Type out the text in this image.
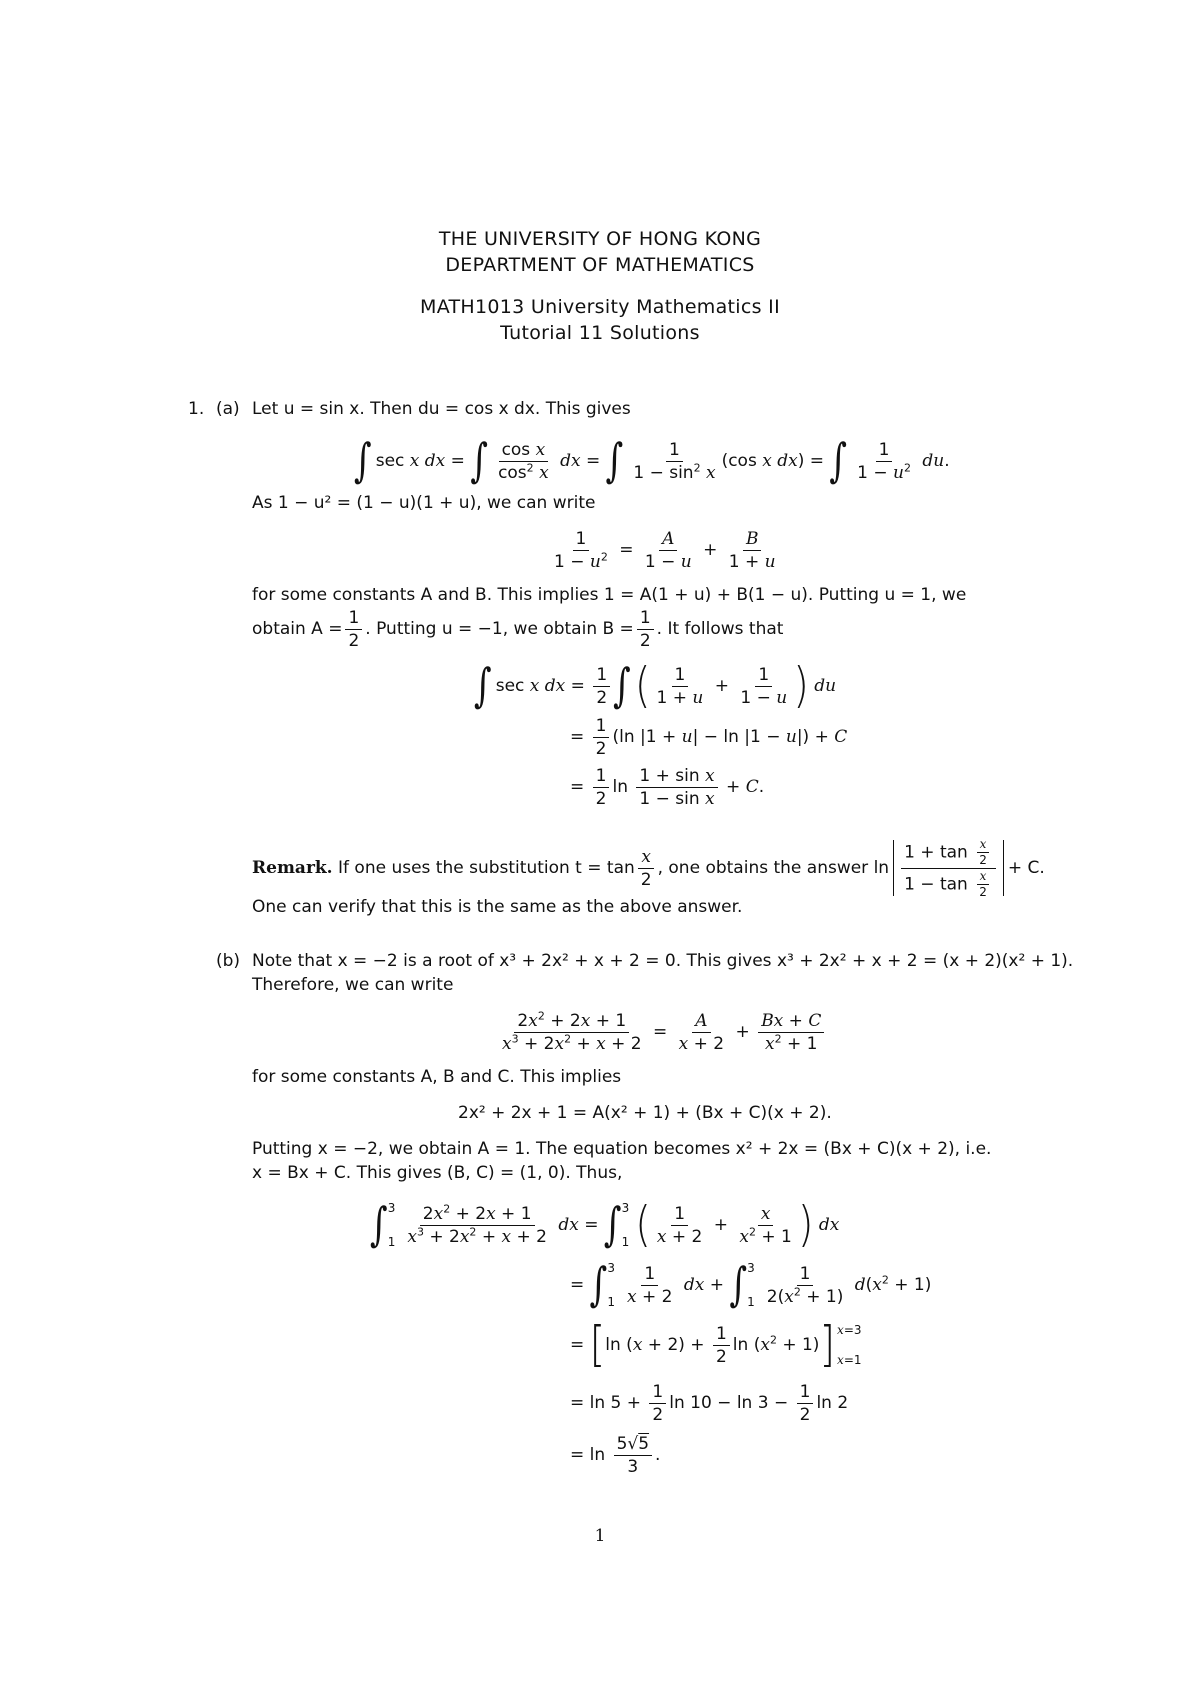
THE UNIVERSITY OF HONG KONG
DEPARTMENT OF MATHEMATICS
MATH1013 University Mathematics II
Tutorial 11 Solutions
1. (a) Let u = sin x. Then du = cos x dx. This gives
∫ sec x dx = ∫ $\frac{\text{cos x}}{\cos^2 x}$ dx = ∫ $\frac{1}{1 - \sin^2 x} (\cos$ x dx) = ∫ $\frac{1}{1 - u^2}$ du.
As 1 − u² = (1 − u)(1 + u), we can write
$\frac{1}{1 - u^2} = \frac{A}{1 - u} + \frac{B}{1 + u}$
for some constants A and B. This implies 1 = A(1 + u) + B(1 − u). Putting u = 1, we
obtain $A = \frac{1}{2}$ . Putting u = −1, we obtain $B = \frac{1}{2}$ . It follows that
∫ sec x dx = $\frac{1}{2}$ ∫ ( $\frac{1}{1 + u} + \frac{1}{1 - u}$ ) du
= $\frac{1}{2} (\ln$ |1 + u| − ln |1 − u|) + C
= $\frac{1}{2}$ $\ln \frac{\text{1 + sin x}}{\text{1 − sin x}} + C$.
Remark.
If one uses the substitution $t = \tan \frac{x}{2}$ , one obtains the answer $\ln \frac{1 + \tan \frac{x}{2}}{1 - \tan \frac{x}{2}} + C$.
One can verify that this is the same as the above answer.
(b) Note that x = −2 is a root of x³ + 2x² + x + 2 = 0. This gives x³ + 2x² + x + 2 = (x + 2)(x² + 1).
Therefore, we can write
$\frac{2x^2 + 2x + 1}{x^3 + 2x^2 + x + 2} = \frac{A}{x + 2} + \frac{Bx + C}{x^2 + 1}$
for some constants A, B and C. This implies
2x² + 2x + 1 = A(x² + 1) + (Bx + C)(x + 2).
Putting x = −2, we obtain A = 1. The equation becomes x² + 2x = (Bx + C)(x + 2), i.e.
x = Bx + C. This gives (B, C) = (1, 0). Thus,
∫ 3
$1 \frac{2x^2 + 2x + 1}{x^3 + 2x^2 + x + 2}$ dx = ∫ 3
1 ( $\frac{1}{x + 2} + \frac{x}{x^2 + 1}$ ) dx
= ∫ 3
$1 \frac{1}{x + 2}$ dx + ∫ 3
$1 \frac{1}{2(x^2 + 1)} d(x^2 + 1)$
= [ $\ln (x + 2) + \frac{1}{2}$ $\ln (x^2 + 1)$ ] x=3
x=1
= $\ln 5 + \frac{1}{2}$ $\ln 10 - \ln 3 - \frac{1}{2}$ ln 2
= $\ln \frac{5√5}{3}$ .
1
